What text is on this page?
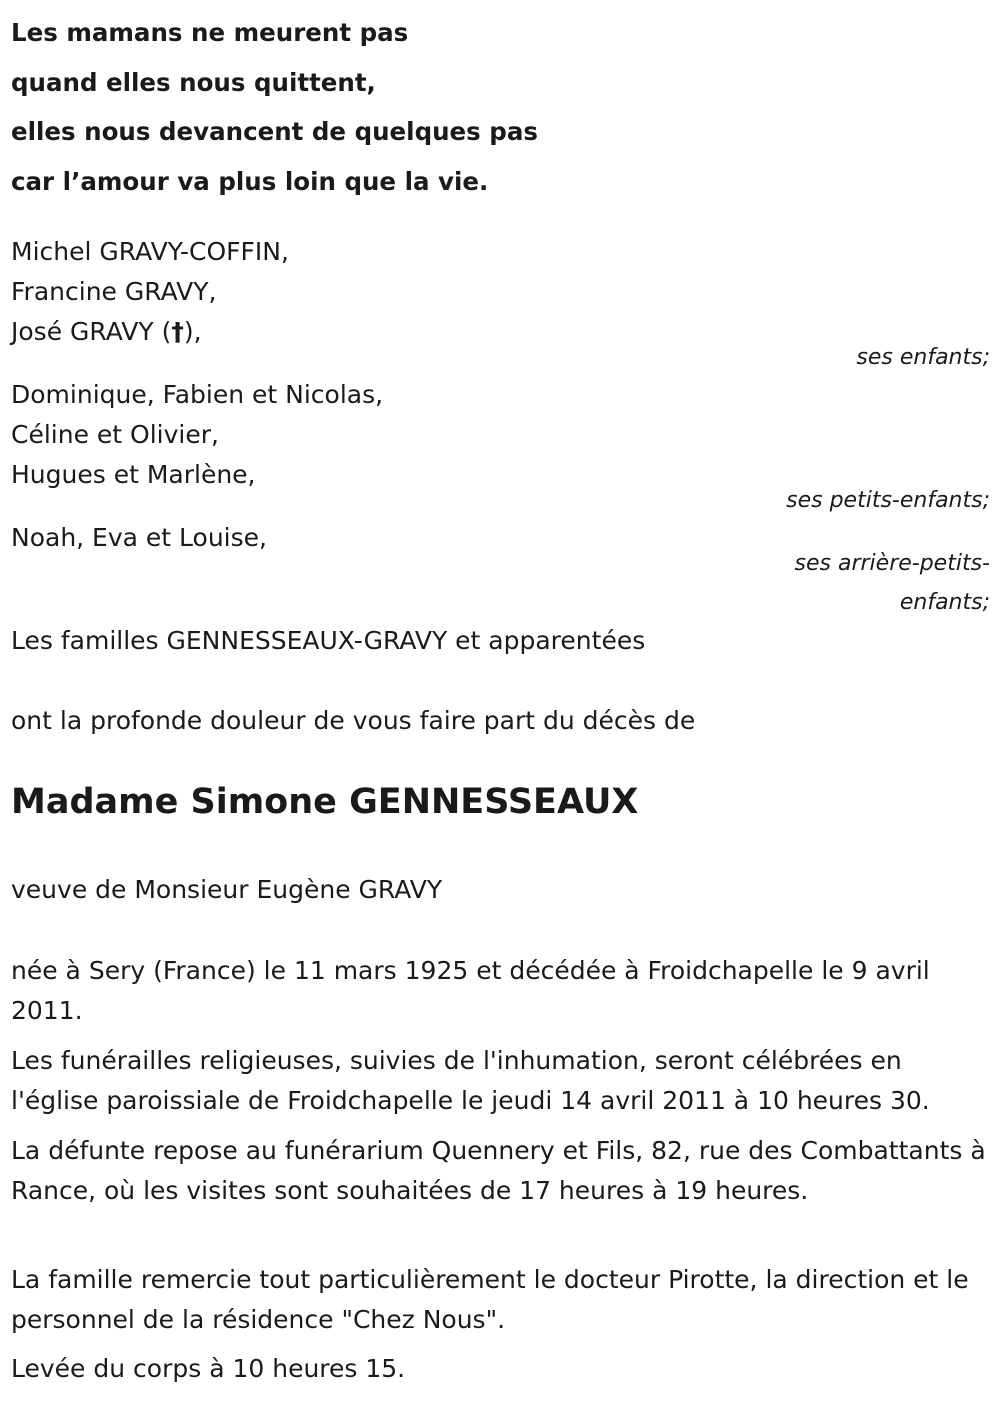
Les mamans ne meurent pas
quand elles nous quittent,
elles nous devancent de quelques pas
car l’amour va plus loin que la vie.
Michel GRAVY-COFFIN,
Francine GRAVY,
José GRAVY (†),
ses enfants;
Dominique, Fabien et Nicolas,
Céline et Olivier,
Hugues et Marlène,
ses petits-enfants;
Noah, Eva et Louise,
ses arrière-petits-
enfants;
Les familles GENNESSEAUX-GRAVY et apparentées
ont la profonde douleur de vous faire part du décès de
Madame Simone GENNESSEAUX
veuve de Monsieur Eugène GRAVY
née à Sery (France) le 11 mars 1925 et décédée à Froidchapelle le 9 avril 2011.
Les funérailles religieuses, suivies de l'inhumation, seront célébrées en l'église paroissiale de Froidchapelle le jeudi 14 avril 2011 à 10 heures 30.
La défunte repose au funérarium Quennery et Fils, 82, rue des Combattants à Rance, où les visites sont souhaitées de 17 heures à 19 heures.
La famille remercie tout particulièrement le docteur Pirotte, la direction et le personnel de la résidence "Chez Nous".
Levée du corps à 10 heures 15.
